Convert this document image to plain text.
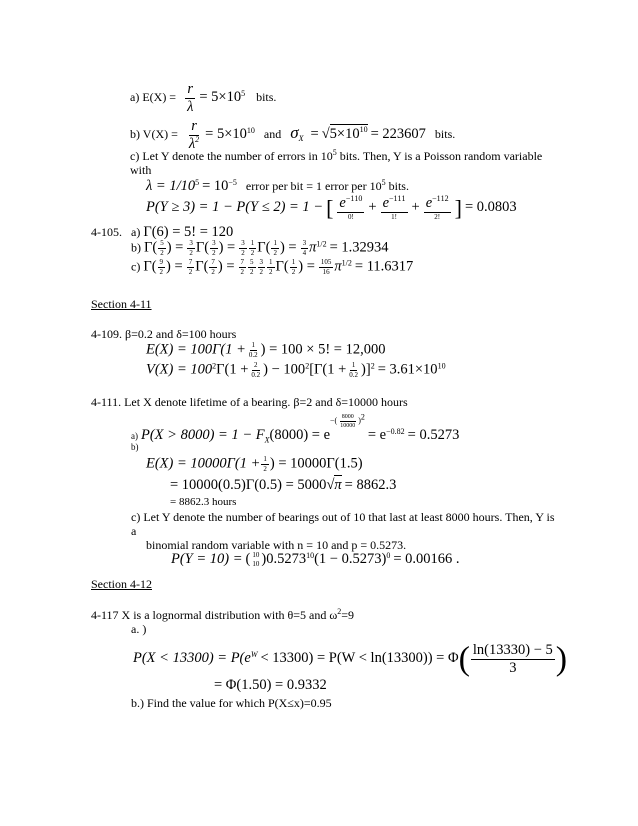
a) $E(X) = \frac{r}{\lambda} = 5\times 10^5$ bits.
b) $V(X) = \frac{r}{\lambda^2} = 5\times 10^{10}$ and $\sigma_X = √5\times 10^{10} = 223607$ bits.
c) Let Y denote the number of errors in $10^5$ bits. Then, Y is a Poisson random variable
with
$\lambda = 1/10^5 = 10^{-5}$ error per bit = 1 error per $10^5$ bits.
P(Y ≥ 3) = 1 − P(Y ≤ 2) = 1 − [ $\frac{e^{-110}}{0!} + \frac{e^{-111}}{1!} + \frac{e^{-112}}{2!}$ ] = 0.0803
4-105. a) Γ(6) = 5! = 120
b) $\Gamma( \frac{5}{2}$ ) = $\frac{3}{2} \Gamma( \frac{3}{2}$ ) = $\frac{3}{2} \frac{1}{2} \Gamma( \frac{1}{2}$ ) = $\frac{3}{4} \pi^{1/2} = 1.32934$
c) $\Gamma( \frac{9}{2}$ ) = $\frac{7}{2} \Gamma( \frac{7}{2}$ ) = $\frac{7}{2} \frac{5}{2} \frac{3}{2} \frac{1}{2} \Gamma( \frac{1}{2}$ ) = $\frac{105}{16} \pi^{1/2} = 11.6317$
Section 4-11
4-109. β=0.2 and δ=100 hours
$E(X) = 100\Gamma(1 + \frac{1}{0.2}$ ) = 100 × 5! = 12,000
$V(X) = 100^2\Gamma(1 + \frac{2}{0.2}$ ) − $100^2[\Gamma(1 + \frac{1}{0.2} )]^2 = 3.61\times 10^{10}$
4-111. Let X denote lifetime of a bearing. β=2 and δ=10000 hours
a) $P(X > 8000) = 1 - F_X(8000) = e^{-( \frac{8000}{10000} )^2} = e^{-0.82} = 0.5273$
b)
$E(X) = 10000\Gamma(1 + \frac{1}{2}$ ) = 10000Γ(1.5)
= 10000(0.5)Γ(0.5) = 5000√π = 8862.3
= 8862.3 hours
c) Let Y denote the number of bearings out of 10 that last at least 8000 hours. Then, Y is
a
binomial random variable with n = 10 and p = 0.5273.
P(Y = 10) = ( 10
10 )$0.5273^{10}(1 - 0.5273)^0 = 0.00166$ .
Section 4-12
4-117 X is a lognormal distribution with θ=5 and $\omega^2=9$
a. )
$P(X < 13300) = P(e^W < 13300) = P(W < \ln(13300)) = \Phi( \frac{\ln(13330) - 5}{3}$ )
= Φ(1.50) = 0.9332
b.) Find the value for which P(X≤x)=0.95
